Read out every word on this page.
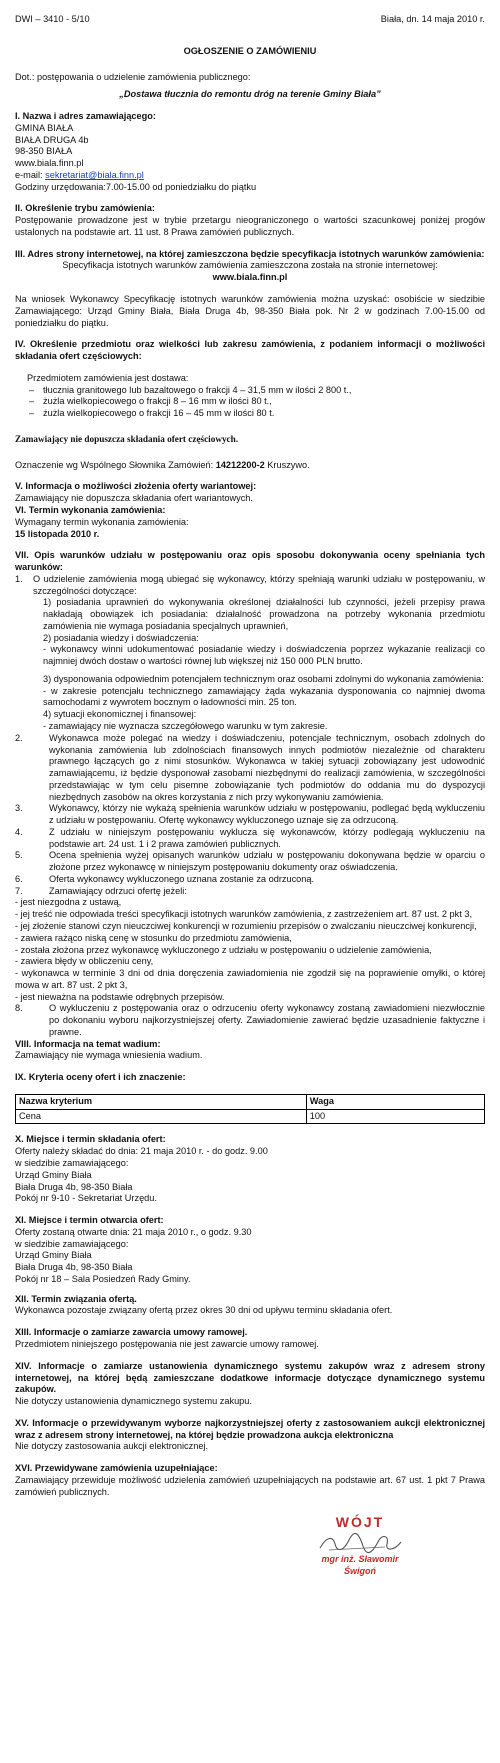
DWI – 3410 - 5/10	Biała, dn. 14 maja 2010 r.

OGŁOSZENIE O ZAMÓWIENIU

Dot.: postępowania o udzielenie zamówienia publicznego:

„Dostawa tłucznia do remontu dróg na terenie Gminy Biała”

I. Nazwa i adres zamawiającego:

GMINA BIAŁA

BIAŁA DRUGA 4b

98-350 BIAŁA

www.biala.finn.pl

e-mail: sekretariat@biala.finn.pl

Godziny urzędowania:7.00-15.00 od poniedziałku do piątku

II. Określenie trybu zamówienia:

Postępowanie prowadzone jest w trybie przetargu nieograniczonego o wartości szacunkowej poniżej progów ustalonych na podstawie art. 11 ust. 8 Prawa zamówień publicznych.

III. Adres strony internetowej, na której zamieszczona będzie specyfikacja istotnych warunków zamówienia:

Specyfikacja istotnych warunków zamówienia zamieszczona została na stronie internetowej:

www.biala.finn.pl

Na wniosek Wykonawcy Specyfikację istotnych warunków zamówienia można uzyskać: osobiście w siedzibie Zamawiającego: Urząd Gminy Biała, Biała Druga 4b, 98-350 Biała pok. Nr 2 w godzinach 7.00-15.00 od poniedziałku do piątku.

IV. Określenie przedmiotu oraz wielkości lub zakresu zamówienia, z podaniem informacji o możliwości składania ofert częściowych:

Przedmiotem zamówienia jest dostawa:

– tłucznia granitowego lub bazaltowego o frakcji 4 – 31,5 mm w ilości 2 800 t.,
– żużla wielkopiecowego o frakcji 8 – 16 mm w ilości 80 t.,
– żużla wielkopiecowego o frakcji 16 – 45 mm w ilości 80 t.

Zamawiający nie dopuszcza składania ofert częściowych.

Oznaczenie wg Wspólnego Słownika Zamówień: 14212200-2 Kruszywo.

V. Informacja o możliwości złożenia oferty wariantowej:

Zamawiający nie dopuszcza składania ofert wariantowych.

VI. Termin wykonania zamówienia:

Wymagany termin wykonania zamówienia:

15 listopada 2010 r.

VII. Opis warunków udziału w postępowaniu oraz opis sposobu dokonywania oceny spełniania tych warunków:

1. O udzielenie zamówienia mogą ubiegać się wykonawcy, którzy spełniają warunki udziału w postępowaniu, w szczególności dotyczące:

1) posiadania uprawnień do wykonywania określonej działalności lub czynności, jeżeli przepisy prawa nakładają obowiązek ich posiadania: działalność prowadzona na potrzeby wykonania przedmiotu zamówienia nie wymaga posiadania specjalnych uprawnień,

2) posiadania wiedzy i doświadczenia:

- wykonawcy winni udokumentować posiadanie wiedzy i doświadczenia poprzez wykazanie realizacji co najmniej dwóch dostaw o wartości równej lub większej niż 150 000 PLN brutto.

3) dysponowania odpowiednim potencjałem technicznym oraz osobami zdolnymi do wykonania zamówienia:

- w zakresie potencjału technicznego zamawiający żąda wykazania dysponowania co najmniej dwoma samochodami z wywrotem bocznym o ładowności min. 25 ton.

4) sytuacji ekonomicznej i finansowej:

- zamawiający nie wyznacza szczegółowego warunku w tym zakresie.

2.	Wykonawca może polegać na wiedzy i doświadczeniu, potencjale technicznym, osobach zdolnych do wykonania zamówienia lub zdolnościach finansowych innych podmiotów niezależnie od charakteru prawnego łączących go z nimi stosunków. Wykonawca w takiej sytuacji zobowiązany jest udowodnić zamawiającemu, iż będzie dysponował zasobami niezbędnymi do realizacji zamówienia, w szczególności przedstawiając w tym celu pisemne zobowiązanie tych podmiotów do oddania mu do dyspozycji niezbędnych zasobów na okres korzystania z nich przy wykonywaniu zamówienia.

3.	Wykonawcy, którzy nie wykażą spełnienia warunków udziału w postępowaniu, podlegać będą wykluczeniu z udziału w postępowaniu. Ofertę wykonawcy wykluczonego uznaje się za odrzuconą.

4.	Z udziału w niniejszym postępowaniu wyklucza się wykonawców, którzy podlegają wykluczeniu na podstawie art. 24 ust. 1 i 2 prawa zamówień publicznych.

5.	Ocena spełnienia wyżej opisanych warunków udziału w postępowaniu dokonywana będzie w oparciu o złożone przez wykonawcę w niniejszym postępowaniu dokumenty oraz oświadczenia.

6.	Oferta wykonawcy wykluczonego uznana zostanie za odrzuconą.

7.	Zamawiający odrzuci ofertę jeżeli:

- jest niezgodna z ustawą,

- jej treść nie odpowiada treści specyfikacji istotnych warunków zamówienia, z zastrzeżeniem art. 87 ust. 2 pkt 3,

- jej złożenie stanowi czyn nieuczciwej konkurencji w rozumieniu przepisów o zwalczaniu nieuczciwej konkurencji,

- zawiera rażąco niską cenę w stosunku do przedmiotu zamówienia,

- została złożona przez wykonawcę wykluczonego z udziału w postępowaniu o udzielenie zamówienia,

- zawiera błędy w obliczeniu ceny,

- wykonawca w terminie 3 dni od dnia doręczenia zawiadomienia nie zgodził się na poprawienie omyłki, o której mowa w art. 87 ust. 2 pkt 3,

- jest nieważna na podstawie odrębnych przepisów.

8.	O wykluczeniu z postępowania oraz o odrzuceniu oferty wykonawcy zostaną zawiadomieni niezwłocznie po dokonaniu wyboru najkorzystniejszej oferty. Zawiadomienie zawierać będzie uzasadnienie faktyczne i prawne.

VIII. Informacja na temat wadium:

Zamawiający nie wymaga wniesienia wadium.

IX. Kryteria oceny ofert i ich znaczenie:

Nazwa kryterium	Waga
Cena	100

X. Miejsce i termin składania ofert:

Oferty należy składać do dnia: 21 maja 2010 r. - do godz. 9.00

w siedzibie zamawiającego:

Urząd Gminy Biała

Biała Druga 4b, 98-350 Biała

Pokój nr 9-10 - Sekretariat Urzędu.

XI. Miejsce i termin otwarcia ofert:

Oferty zostaną otwarte dnia: 21 maja 2010 r., o godz. 9.30

w siedzibie zamawiającego:

Urząd Gminy Biała

Biała Druga 4b, 98-350 Biała

Pokój nr 18 – Sala Posiedzeń Rady Gminy.

XII. Termin związania ofertą.

Wykonawca pozostaje związany ofertą przez okres 30 dni od upływu terminu składania ofert.

XIII. Informacje o zamiarze zawarcia umowy ramowej.

Przedmiotem niniejszego postępowania nie jest zawarcie umowy ramowej.

XIV. Informacje o zamiarze ustanowienia dynamicznego systemu zakupów wraz z adresem strony internetowej, na której będą zamieszczane dodatkowe informacje dotyczące dynamicznego systemu zakupów.

Nie dotyczy ustanowienia dynamicznego systemu zakupu.

XV. Informacje o przewidywanym wyborze najkorzystniejszej oferty z zastosowaniem aukcji elektronicznej wraz z adresem strony internetowej, na której będzie prowadzona aukcja elektroniczna

Nie dotyczy zastosowania aukcji elektronicznej.

XVI. Przewidywane zamówienia uzupełniające:

Zamawiający przewiduje możliwość udzielenia zamówień uzupełniających na podstawie art. 67 ust. 1 pkt 7 Prawa zamówień publicznych.

WÓJT
mgr inż. Sławomir Świgoń
